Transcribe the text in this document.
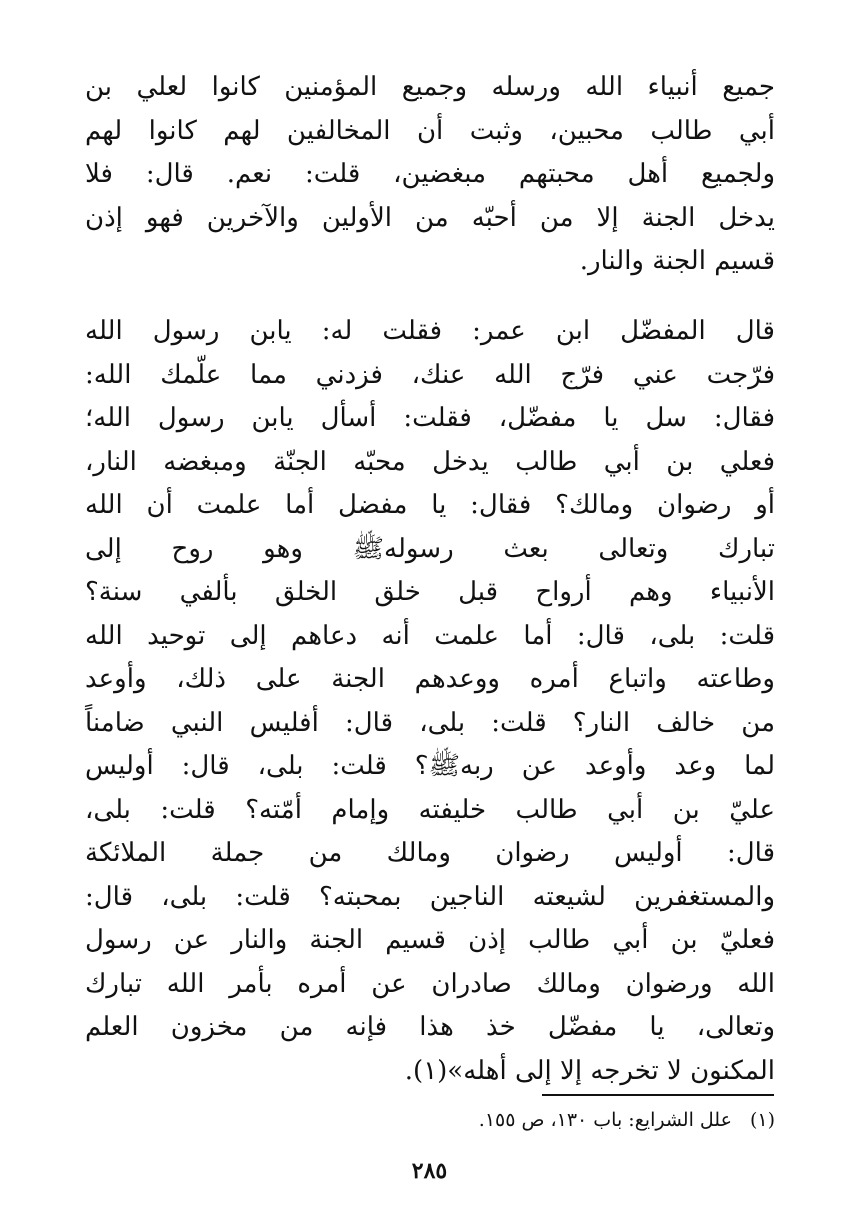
جميع أنبياء الله ورسله وجميع المؤمنين كانوا لعلي بن
أبي طالب محبين، وثبت أن المخالفين لهم كانوا لهم
ولجميع أهل محبتهم مبغضين، قلت: نعم. قال: فلا
يدخل الجنة إلا من أحبّه من الأولين والآخرين فهو إذن
قسيم الجنة والنار.
قال المفضّل ابن عمر: فقلت له: يابن رسول الله
فرّجت عني فرّج الله عنك، فزدني مما علّمك الله:
فقال: سل يا مفضّل، فقلت: أسأل يابن رسول الله؛
فعلي بن أبي طالب يدخل محبّه الجنّة ومبغضه النار،
أو رضوان ومالك؟ فقال: يا مفضل أما علمت أن الله
تبارك وتعالى بعث رسولهﷺ وهو روح إلى
الأنبياء وهم أرواح قبل خلق الخلق بألفي سنة؟
قلت: بلى، قال: أما علمت أنه دعاهم إلى توحيد الله
وطاعته واتباع أمره ووعدهم الجنة على ذلك، وأوعد
من خالف النار؟ قلت: بلى، قال: أفليس النبي ضامناً
لما وعد وأوعد عن ربهﷺ؟ قلت: بلى، قال: أوليس
عليّ بن أبي طالب خليفته وإمام أمّته؟ قلت: بلى،
قال: أوليس رضوان ومالك من جملة الملائكة
والمستغفرين لشيعته الناجين بمحبته؟ قلت: بلى، قال:
فعليّ بن أبي طالب إذن قسيم الجنة والنار عن رسول
الله ورضوان ومالك صادران عن أمره بأمر الله تبارك
وتعالى، يا مفضّل خذ هذا فإنه من مخزون العلم
المكنون لا تخرجه إلا إلى أهله»(١).
(١)علل الشرايع: باب ١٣٠، ص ١٥٥.
٢٨٥
